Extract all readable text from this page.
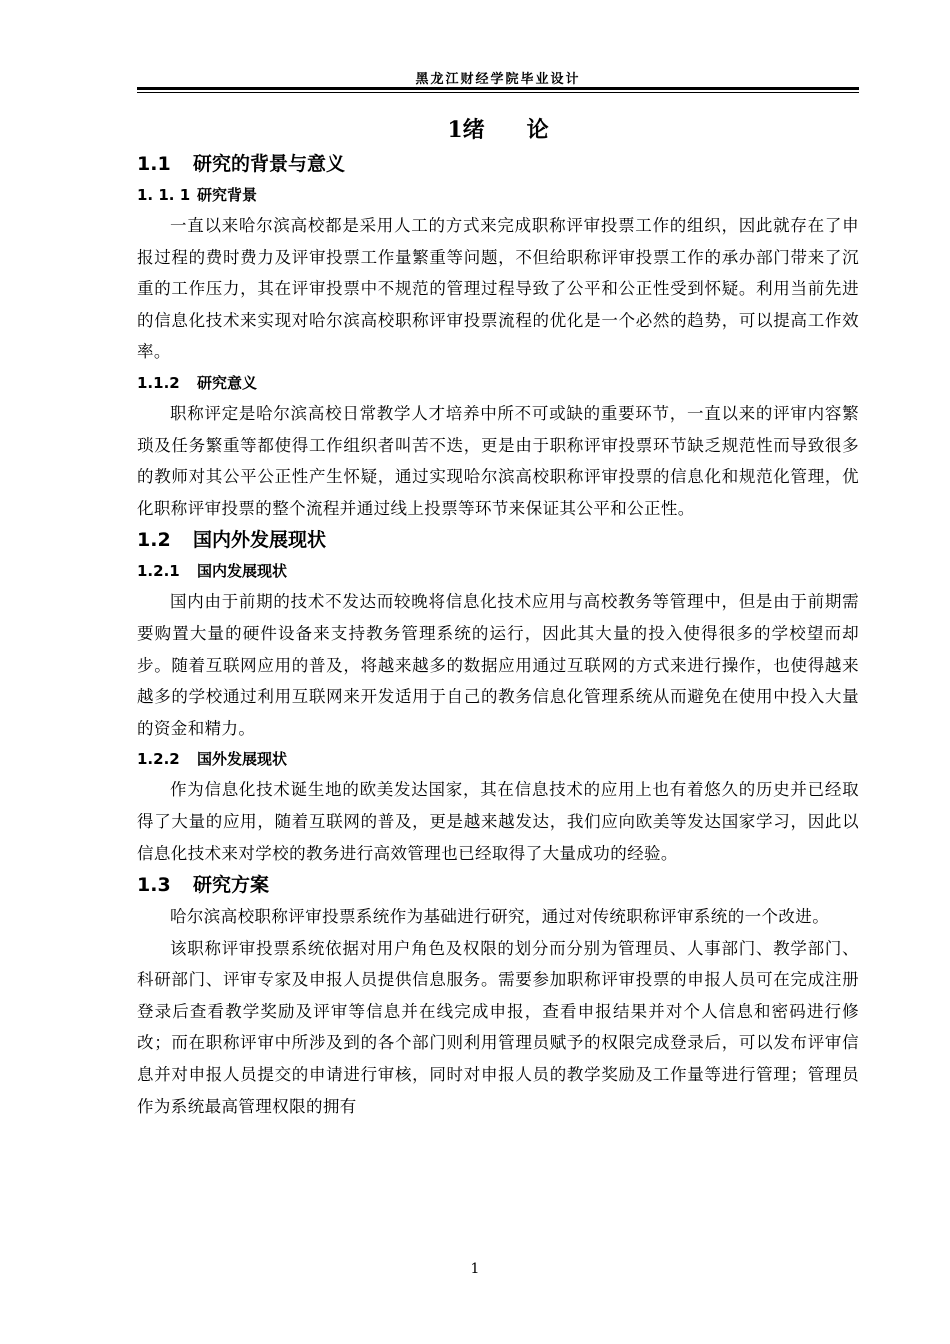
黑龙江财经学院毕业设计
1绪 论
1.1 研究的背景与意义
1. 1. 1 研究背景

一直以来哈尔滨高校都是采用人工的方式来完成职称评审投票工作的组织，因此就存在了申报过程的费时费力及评审投票工作量繁重等问题，不但给职称评审投票工作的承办部门带来了沉重的工作压力，其在评审投票中不规范的管理过程导致了公平和公正性受到怀疑。利用当前先进的信息化技术来实现对哈尔滨高校职称评审投票流程的优化是一个必然的趋势，可以提高工作效率。

1.1.2 研究意义

职称评定是哈尔滨高校日常教学人才培养中所不可或缺的重要环节，一直以来的评审内容繁琐及任务繁重等都使得工作组织者叫苦不迭，更是由于职称评审投票环节缺乏规范性而导致很多的教师对其公平公正性产生怀疑，通过实现哈尔滨高校职称评审投票的信息化和规范化管理，优化职称评审投票的整个流程并通过线上投票等环节来保证其公平和公正性。

1.2 国内外发展现状
1.2.1 国内发展现状

国内由于前期的技术不发达而较晚将信息化技术应用与高校教务等管理中，但是由于前期需要购置大量的硬件设备来支持教务管理系统的运行，因此其大量的投入使得很多的学校望而却步。随着互联网应用的普及，将越来越多的数据应用通过互联网的方式来进行操作，也使得越来越多的学校通过利用互联网来开发适用于自己的教务信息化管理系统从而避免在使用中投入大量的资金和精力。

1.2.2 国外发展现状

作为信息化技术诞生地的欧美发达国家，其在信息技术的应用上也有着悠久的历史并已经取得了大量的应用，随着互联网的普及，更是越来越发达，我们应向欧美等发达国家学习，因此以信息化技术来对学校的教务进行高效管理也已经取得了大量成功的经验。

1.3 研究方案

哈尔滨高校职称评审投票系统作为基础进行研究，通过对传统职称评审系统的一个改进。

该职称评审投票系统依据对用户角色及权限的划分而分别为管理员、人事部门、教学部门、科研部门、评审专家及申报人员提供信息服务。需要参加职称评审投票的申报人员可在完成注册登录后查看教学奖励及评审等信息并在线完成申报，查看申报结果并对个人信息和密码进行修改；而在职称评审中所涉及到的各个部门则利用管理员赋予的权限完成登录后，可以发布评审信息并对申报人员提交的申请进行审核，同时对申报人员的教学奖励及工作量等进行管理；管理员作为系统最高管理权限的拥有

1
